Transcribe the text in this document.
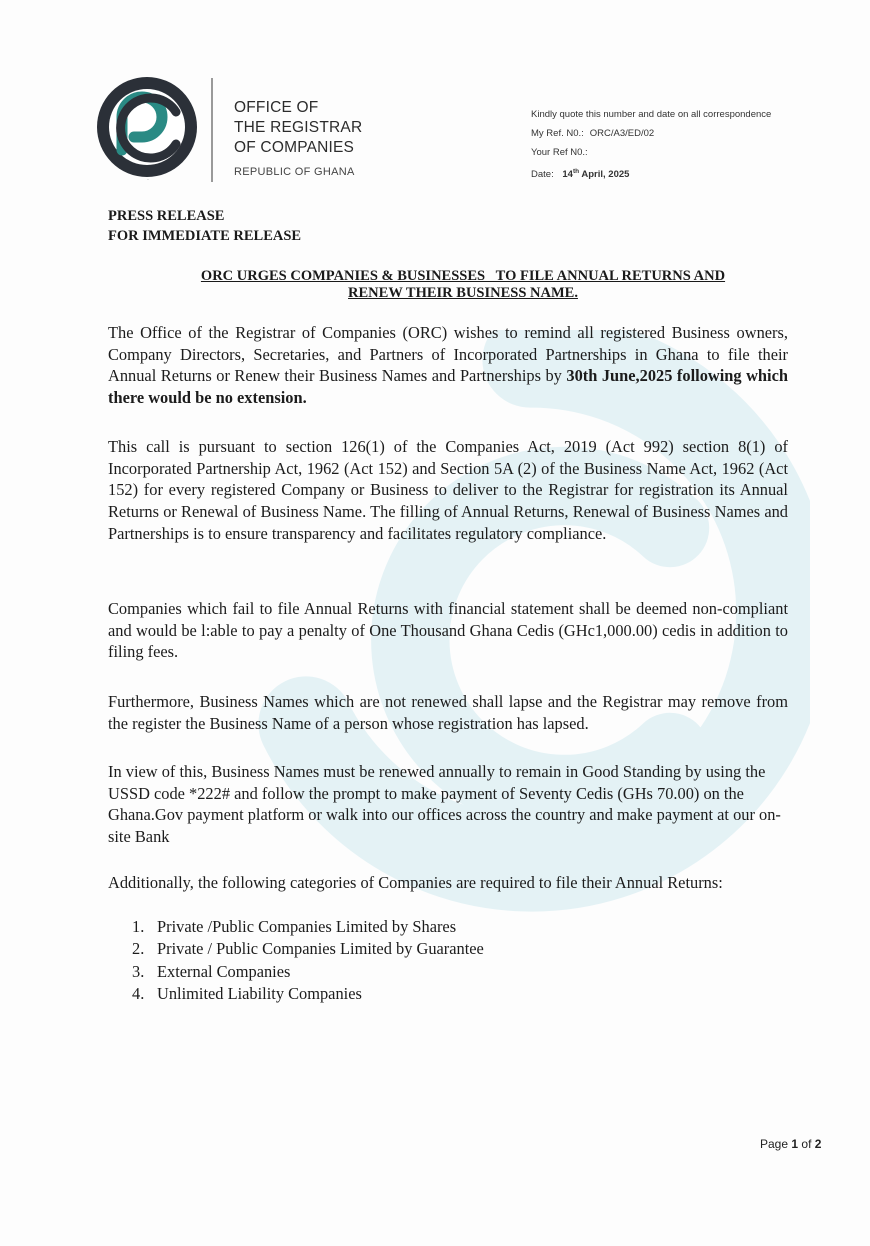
ORC
OFFICE OF
THE REGISTRAR
OF COMPANIES
REPUBLIC OF GHANA
Kindly quote this number and date on all correspondence
My Ref. N0.: ORC/A3/ED/02
Your Ref N0.:
Date: 14th April, 2025
PRESS RELEASE
FOR IMMEDIATE RELEASE
ORC URGES COMPANIES & BUSINESSES   TO FILE ANNUAL RETURNS AND
RENEW THEIR BUSINESS NAME.

The Office of the Registrar of Companies (ORC) wishes to remind all registered Business owners, Company Directors, Secretaries, and Partners of Incorporated Partnerships in Ghana to file their Annual Returns or Renew their Business Names and Partnerships by 30th June,2025 following which there would be no extension.

This call is pursuant to section 126(1) of the Companies Act, 2019 (Act 992) section 8(1) of Incorporated Partnership Act, 1962 (Act 152) and Section 5A (2) of the Business Name Act, 1962 (Act 152) for every registered Company or Business to deliver to the Registrar for registration its Annual Returns or Renewal of Business Name. The filling of Annual Returns, Renewal of Business Names and Partnerships is to ensure transparency and facilitates regulatory compliance.

Companies which fail to file Annual Returns with financial statement shall be deemed non-compliant and would be l:able to pay a penalty of One Thousand Ghana Cedis (GHc1,000.00) cedis in addition to filing fees.

Furthermore, Business Names which are not renewed shall lapse and the Registrar may remove from the register the Business Name of a person whose registration has lapsed.

In view of this, Business Names must be renewed annually to remain in Good Standing by using the USSD code *222# and follow the prompt to make payment of Seventy Cedis (GHs 70.00) on the Ghana.Gov payment platform or walk into our offices across the country and make payment at our on-site Bank

Additionally, the following categories of Companies are required to file their Annual Returns:

1. Private /Public Companies Limited by Shares
2. Private / Public Companies Limited by Guarantee
3. External Companies
4. Unlimited Liability Companies
Page 1 of 2
